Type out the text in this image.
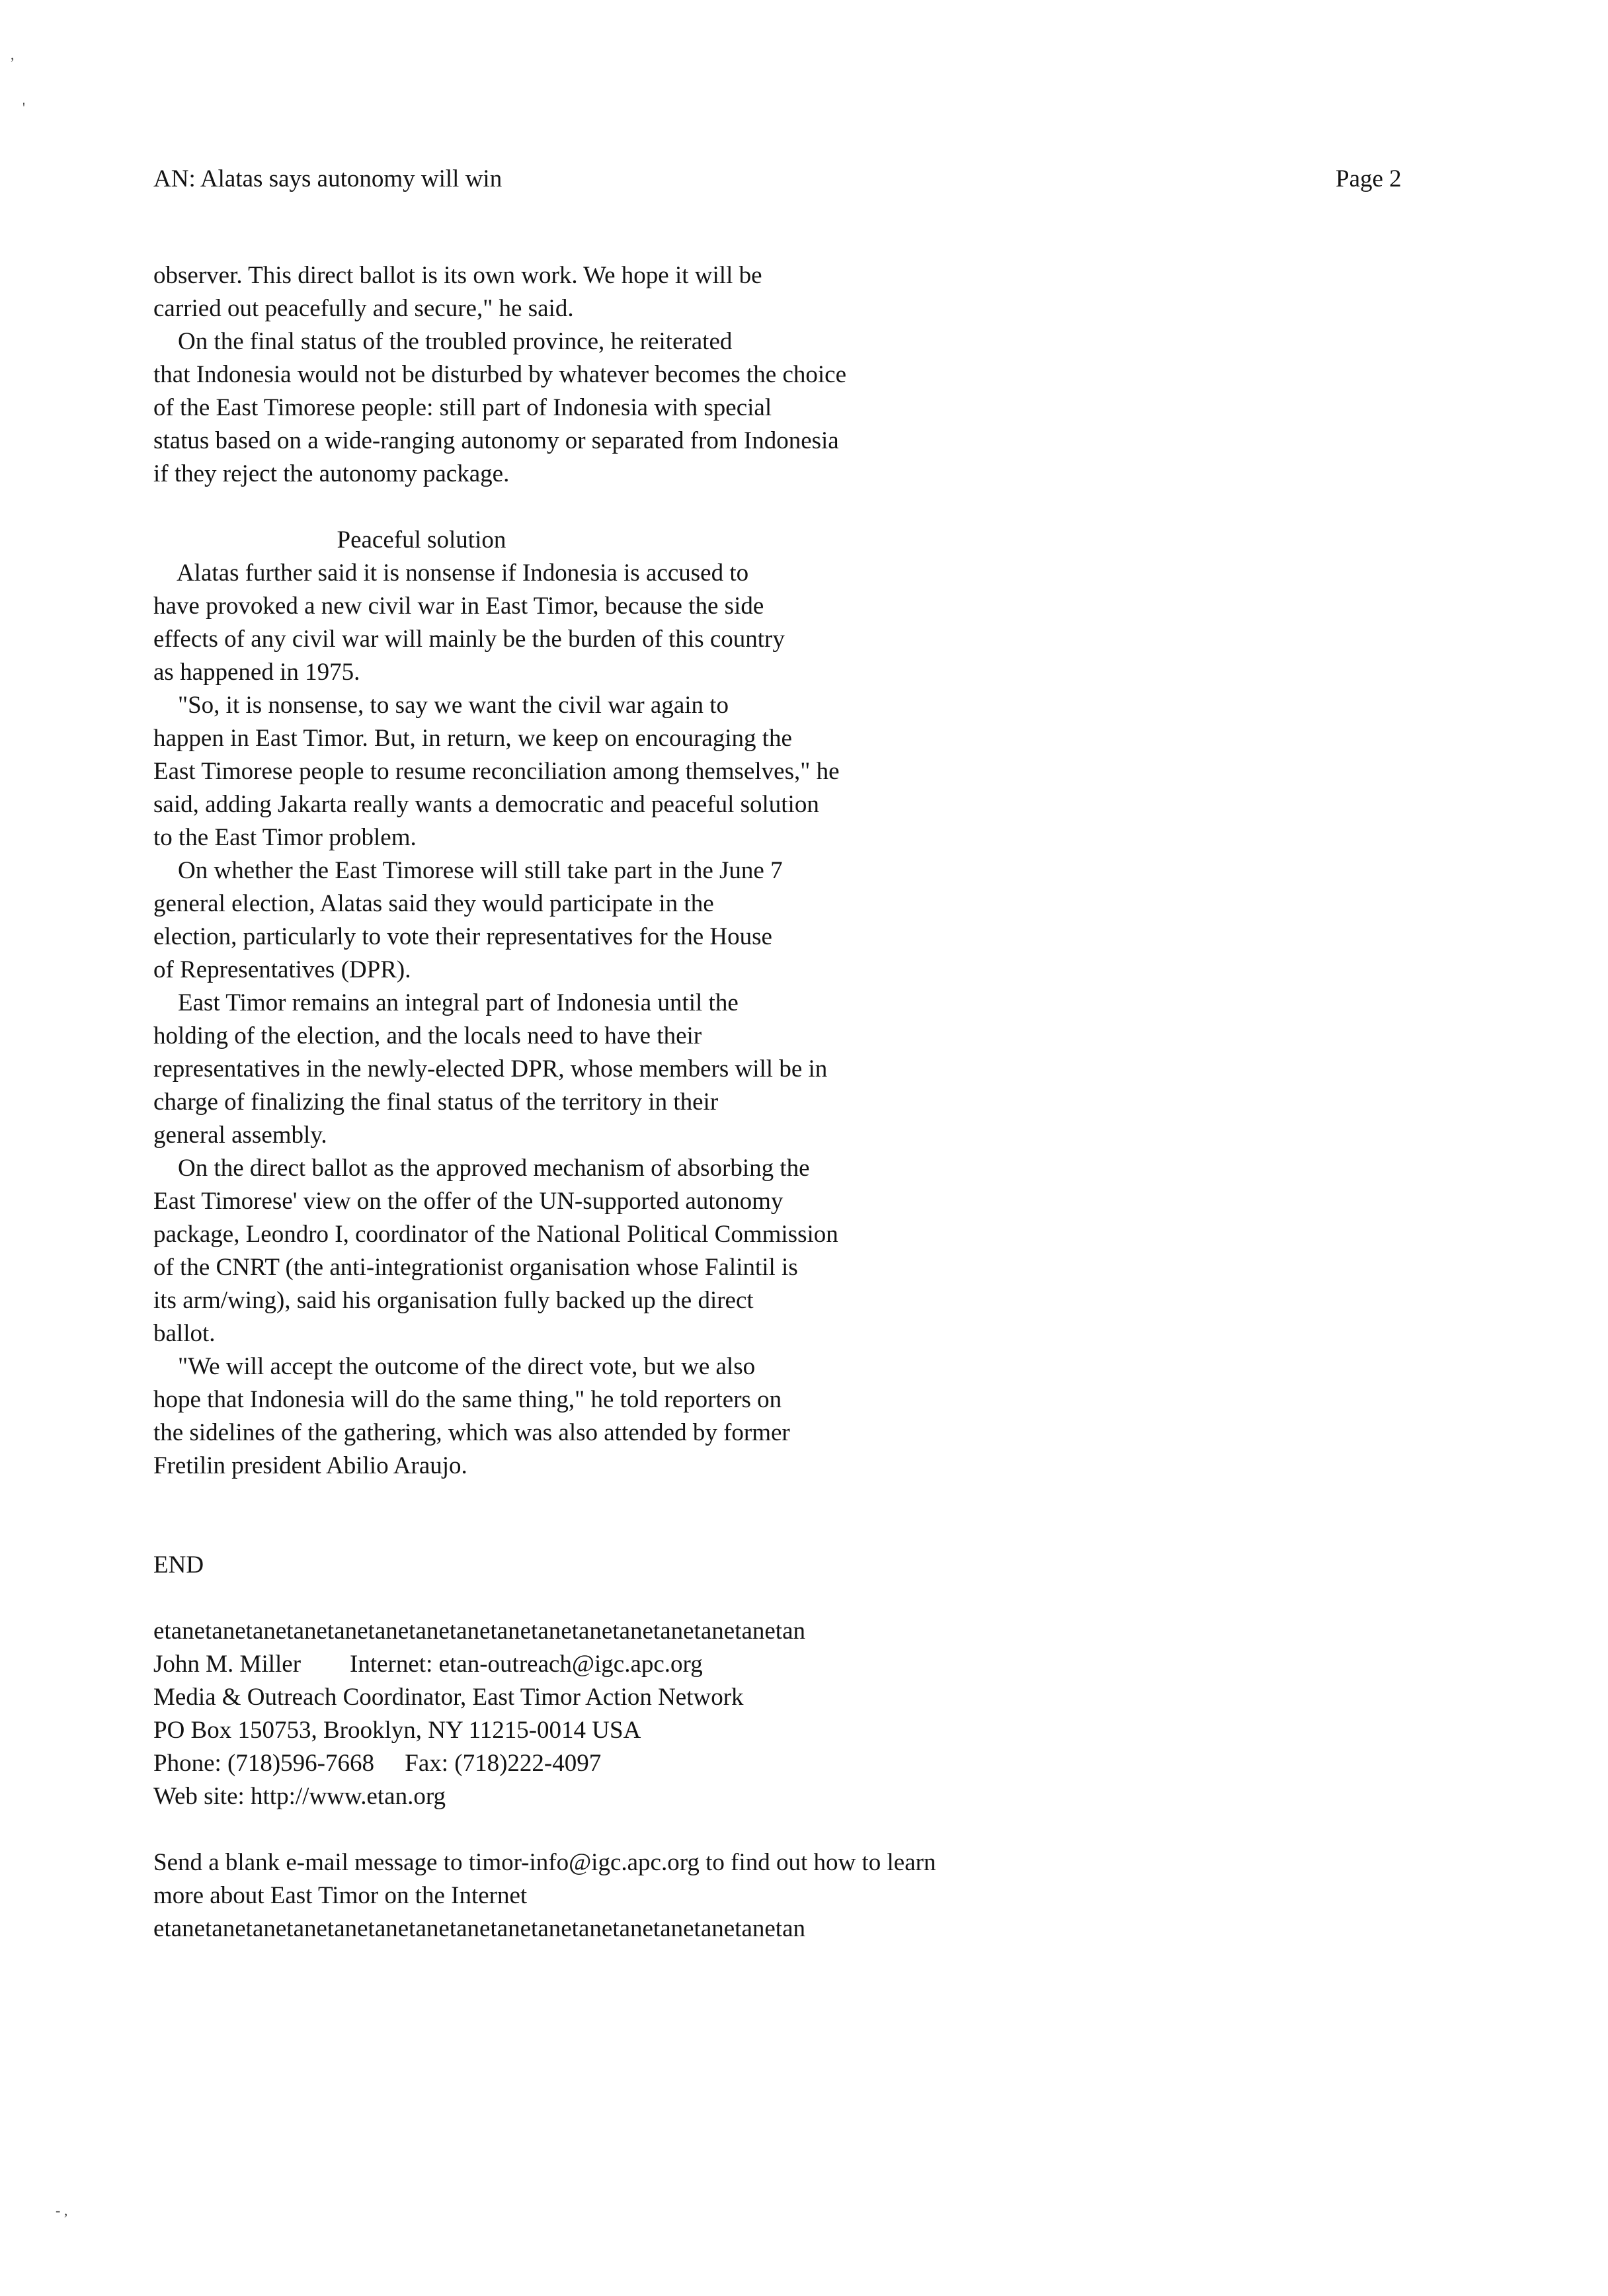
,
'
- ,
AN: Alatas says autonomy will win	Page 2
observer. This direct ballot is its own work. We hope it will be
carried out peacefully and secure," he said.
On the final status of the troubled province, he reiterated
that Indonesia would not be disturbed by whatever becomes the choice
of the East Timorese people: still part of Indonesia with special
status based on a wide-ranging autonomy or separated from Indonesia
if they reject the autonomy package.
Peaceful solution
Alatas further said it is nonsense if Indonesia is accused to
have provoked a new civil war in East Timor, because the side
effects of any civil war will mainly be the burden of this country
as happened in 1975.
"So, it is nonsense, to say we want the civil war again to
happen in East Timor. But, in return, we keep on encouraging the
East Timorese people to resume reconciliation among themselves," he
said, adding Jakarta really wants a democratic and peaceful solution
to the East Timor problem.
On whether the East Timorese will still take part in the June 7
general election, Alatas said they would participate in the
election, particularly to vote their representatives for the House
of Representatives (DPR).
East Timor remains an integral part of Indonesia until the
holding of the election, and the locals need to have their
representatives in the newly-elected DPR, whose members will be in
charge of finalizing the final status of the territory in their
general assembly.
On the direct ballot as the approved mechanism of absorbing the
East Timorese' view on the offer of the UN-supported autonomy
package, Leondro I, coordinator of the National Political Commission
of the CNRT (the anti-integrationist organisation whose Falintil is
its arm/wing), said his organisation fully backed up the direct
ballot.
"We will accept the outcome of the direct vote, but we also
hope that Indonesia will do the same thing," he told reporters on
the sidelines of the gathering, which was also attended by former
Fretilin president Abilio Araujo.
END
etanetanetanetanetanetanetanetanetanetanetanetanetanetanetanetan
John M. Miller        Internet: etan-outreach@igc.apc.org
Media & Outreach Coordinator, East Timor Action Network
PO Box 150753, Brooklyn, NY 11215-0014 USA
Phone: (718)596-7668     Fax: (718)222-4097
Web site: http://www.etan.org
Send a blank e-mail message to timor-info@igc.apc.org to find out how to learn
more about East Timor on the Internet
etanetanetanetanetanetanetanetanetanetanetanetanetanetanetanetan
